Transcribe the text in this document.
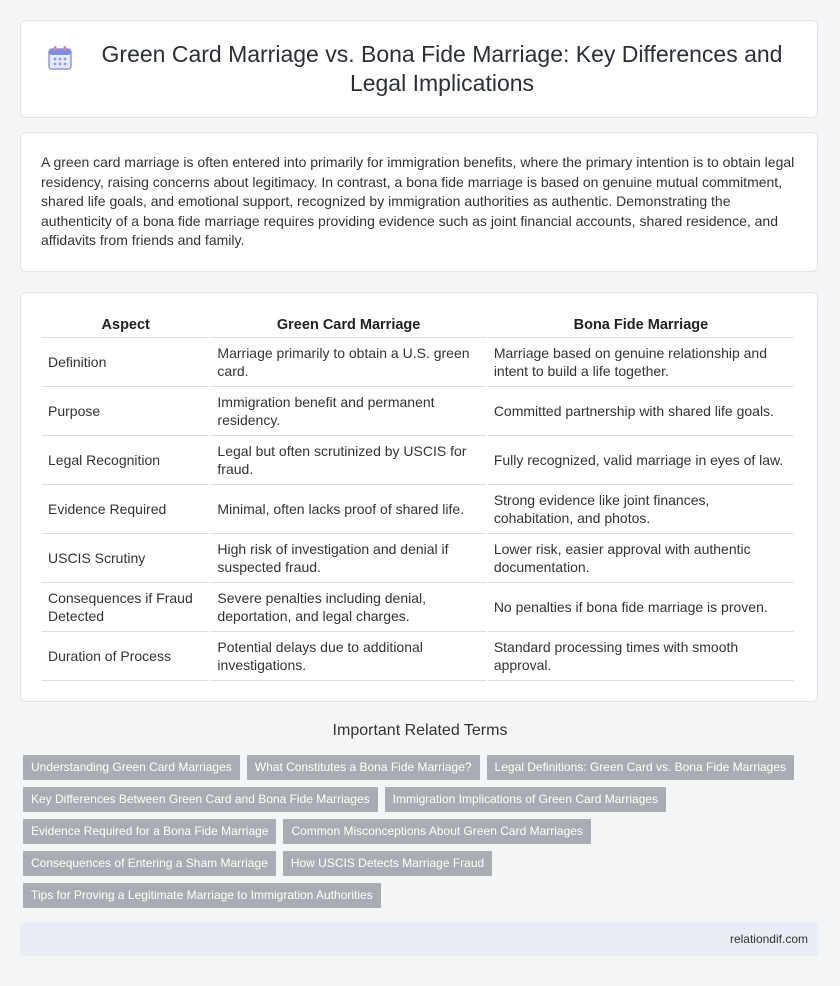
Green Card Marriage vs. Bona Fide Marriage: Key Differences and Legal Implications

A green card marriage is often entered into primarily for immigration benefits, where the primary intention is to obtain legal residency, raising concerns about legitimacy. In contrast, a bona fide marriage is based on genuine mutual commitment, shared life goals, and emotional support, recognized by immigration authorities as authentic. Demonstrating the authenticity of a bona fide marriage requires providing evidence such as joint financial accounts, shared residence, and affidavits from friends and family.

Aspect	Green Card Marriage	Bona Fide Marriage
Definition	Marriage primarily to obtain a U.S. green card.	Marriage based on genuine relationship and intent to build a life together.
Purpose	Immigration benefit and permanent residency.	Committed partnership with shared life goals.
Legal Recognition	Legal but often scrutinized by USCIS for fraud.	Fully recognized, valid marriage in eyes of law.
Evidence Required	Minimal, often lacks proof of shared life.	Strong evidence like joint finances, cohabitation, and photos.
USCIS Scrutiny	High risk of investigation and denial if suspected fraud.	Lower risk, easier approval with authentic documentation.
Consequences if Fraud Detected	Severe penalties including denial, deportation, and legal charges.	No penalties if bona fide marriage is proven.
Duration of Process	Potential delays due to additional investigations.	Standard processing times with smooth approval.
Important Related Terms
Understanding Green Card Marriages	What Constitutes a Bona Fide Marriage?	Legal Definitions: Green Card vs. Bona Fide Marriages
Key Differences Between Green Card and Bona Fide Marriages	Immigration Implications of Green Card Marriages
Evidence Required for a Bona Fide Marriage	Common Misconceptions About Green Card Marriages
Consequences of Entering a Sham Marriage	How USCIS Detects Marriage Fraud
Tips for Proving a Legitimate Marriage to Immigration Authorities
relationdif.com
